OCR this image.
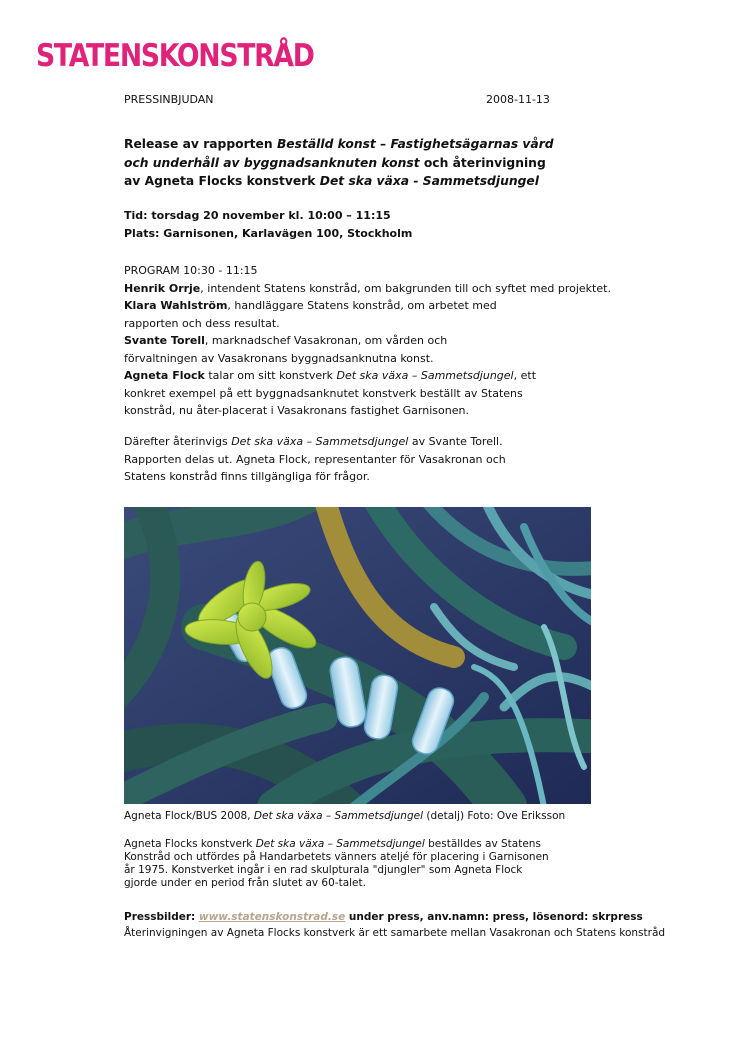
STATENSKONSTRÅD
PRESSINBJUDAN	2008-11-13
Release av rapporten Beställd konst – Fastighetsägarnas vård och underhåll av byggnadsanknuten konst och återinvigning av Agneta Flocks konstverk Det ska växa - Sammetsdjungel
Tid: torsdag 20 november kl. 10:00 – 11:15
Plats: Garnisonen, Karlavägen 100, Stockholm
PROGRAM 10:30 - 11:15
Henrik Orrje, intendent Statens konstråd, om bakgrunden till och syftet med projektet.
Klara Wahlström, handläggare Statens konstråd, om arbetet med rapporten och dess resultat.
Svante Torell, marknadschef Vasakronan, om vården och förvaltningen av Vasakronans byggnadsanknutna konst.
Agneta Flock talar om sitt konstverk Det ska växa – Sammetsdjungel, ett konkret exempel på ett byggnadsanknutet konstverk beställt av Statens konstråd, nu åter-placerat i Vasakronans fastighet Garnisonen.
Därefter återinvigs Det ska växa – Sammetsdjungel av Svante Torell.
Rapporten delas ut. Agneta Flock, representanter för Vasakronan och Statens konstråd finns tillgängliga för frågor.
Agneta Flock/BUS 2008, Det ska växa – Sammetsdjungel (detalj) Foto: Ove Eriksson
Agneta Flocks konstverk Det ska växa – Sammetsdjungel beställdes av Statens Konstråd och utfördes på Handarbetets vänners ateljé för placering i Garnisonen år 1975. Konstverket ingår i en rad skulpturala "djungler" som Agneta Flock gjorde under en period från slutet av 60-talet.
Pressbilder: www.statenskonstrad.se under press, anv.namn: press, lösenord: skrpress
Återinvigningen av Agneta Flocks konstverk är ett samarbete mellan Vasakronan och Statens konstråd
